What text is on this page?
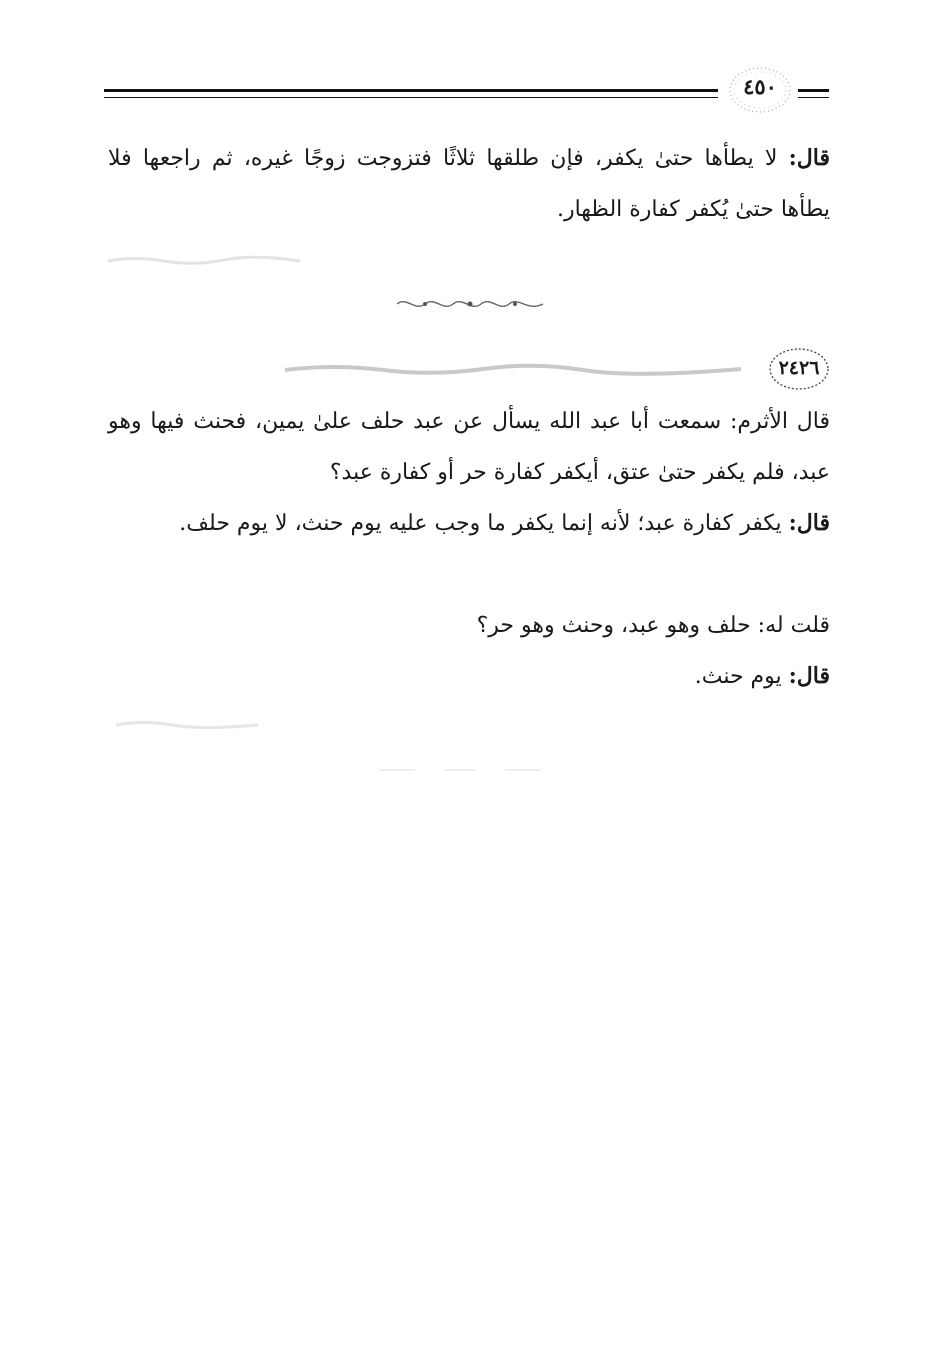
٤٥٠

قال: لا يطأها حتىٰ يكفر، فإن طلقها ثلاثًا فتزوجت زوجًا غيره، ثم راجعها فلا يطأها حتىٰ يُكفر كفارة الظهار.

٢٤٢٦

قال الأثرم: سمعت أبا عبد الله يسأل عن عبد حلف علىٰ يمين، فحنث فيها وهو عبد، فلم يكفر حتىٰ عتق، أيكفر كفارة حر أو كفارة عبد؟

قال: يكفر كفارة عبد؛ لأنه إنما يكفر ما وجب عليه يوم حنث، لا يوم حلف.

قلت له: حلف وهو عبد، وحنث وهو حر؟

قال: يوم حنث.
